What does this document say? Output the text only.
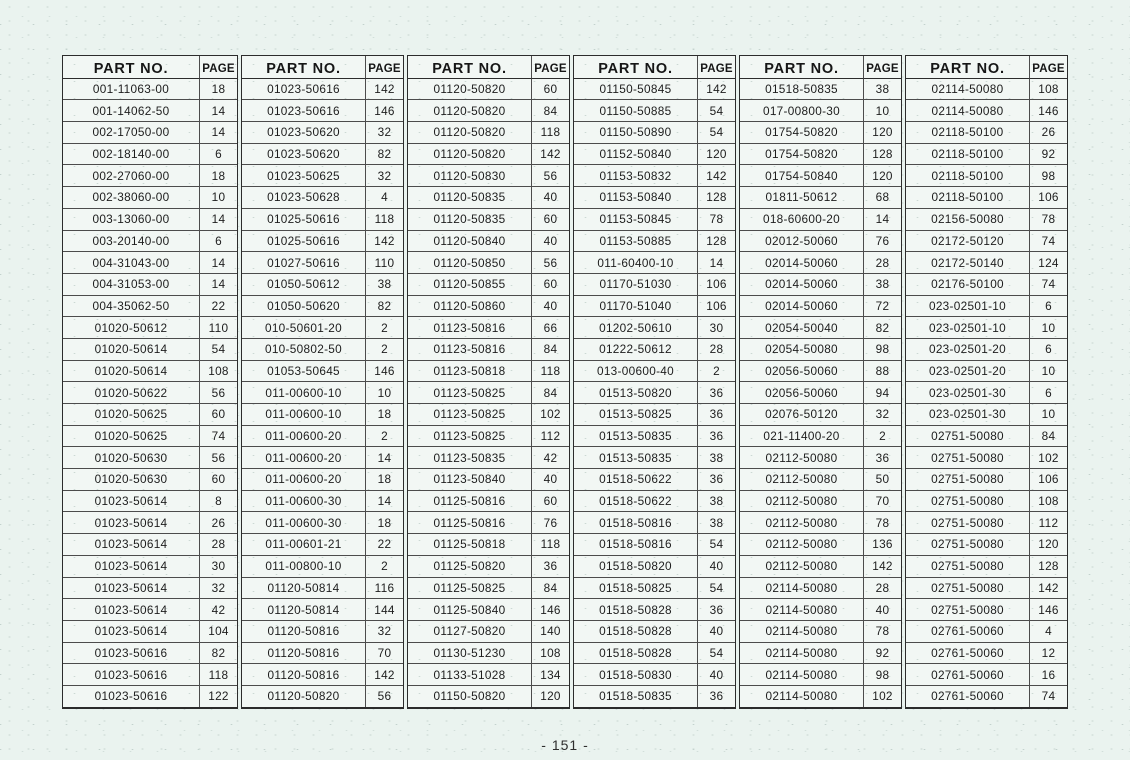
PART NO.	PAGE
001-11063-00	18
001-14062-50	14
002-17050-00	14
002-18140-00	6
002-27060-00	18
002-38060-00	10
003-13060-00	14
003-20140-00	6
004-31043-00	14
004-31053-00	14
004-35062-50	22
01020-50612	110
01020-50614	54
01020-50614	108
01020-50622	56
01020-50625	60
01020-50625	74
01020-50630	56
01020-50630	60
01023-50614	8
01023-50614	26
01023-50614	28
01023-50614	30
01023-50614	32
01023-50614	42
01023-50614	104
01023-50616	82
01023-50616	118
01023-50616	122
PART NO.	PAGE
01023-50616	142
01023-50616	146
01023-50620	32
01023-50620	82
01023-50625	32
01023-50628	4
01025-50616	118
01025-50616	142
01027-50616	110
01050-50612	38
01050-50620	82
010-50601-20	2
010-50802-50	2
01053-50645	146
011-00600-10	10
011-00600-10	18
011-00600-20	2
011-00600-20	14
011-00600-20	18
011-00600-30	14
011-00600-30	18
011-00601-21	22
011-00800-10	2
01120-50814	116
01120-50814	144
01120-50816	32
01120-50816	70
01120-50816	142
01120-50820	56
PART NO.	PAGE
01120-50820	60
01120-50820	84
01120-50820	118
01120-50820	142
01120-50830	56
01120-50835	40
01120-50835	60
01120-50840	40
01120-50850	56
01120-50855	60
01120-50860	40
01123-50816	66
01123-50816	84
01123-50818	118
01123-50825	84
01123-50825	102
01123-50825	112
01123-50835	42
01123-50840	40
01125-50816	60
01125-50816	76
01125-50818	118
01125-50820	36
01125-50825	84
01125-50840	146
01127-50820	140
01130-51230	108
01133-51028	134
01150-50820	120
PART NO.	PAGE
01150-50845	142
01150-50885	54
01150-50890	54
01152-50840	120
01153-50832	142
01153-50840	128
01153-50845	78
01153-50885	128
011-60400-10	14
01170-51030	106
01170-51040	106
01202-50610	30
01222-50612	28
013-00600-40	2
01513-50820	36
01513-50825	36
01513-50835	36
01513-50835	38
01518-50622	36
01518-50622	38
01518-50816	38
01518-50816	54
01518-50820	40
01518-50825	54
01518-50828	36
01518-50828	40
01518-50828	54
01518-50830	40
01518-50835	36
PART NO.	PAGE
01518-50835	38
017-00800-30	10
01754-50820	120
01754-50820	128
01754-50840	120
01811-50612	68
018-60600-20	14
02012-50060	76
02014-50060	28
02014-50060	38
02014-50060	72
02054-50040	82
02054-50080	98
02056-50060	88
02056-50060	94
02076-50120	32
021-11400-20	2
02112-50080	36
02112-50080	50
02112-50080	70
02112-50080	78
02112-50080	136
02112-50080	142
02114-50080	28
02114-50080	40
02114-50080	78
02114-50080	92
02114-50080	98
02114-50080	102
PART NO.	PAGE
02114-50080	108
02114-50080	146
02118-50100	26
02118-50100	92
02118-50100	98
02118-50100	106
02156-50080	78
02172-50120	74
02172-50140	124
02176-50100	74
023-02501-10	6
023-02501-10	10
023-02501-20	6
023-02501-20	10
023-02501-30	6
023-02501-30	10
02751-50080	84
02751-50080	102
02751-50080	106
02751-50080	108
02751-50080	112
02751-50080	120
02751-50080	128
02751-50080	142
02751-50080	146
02761-50060	4
02761-50060	12
02761-50060	16
02761-50060	74
- 151 -
